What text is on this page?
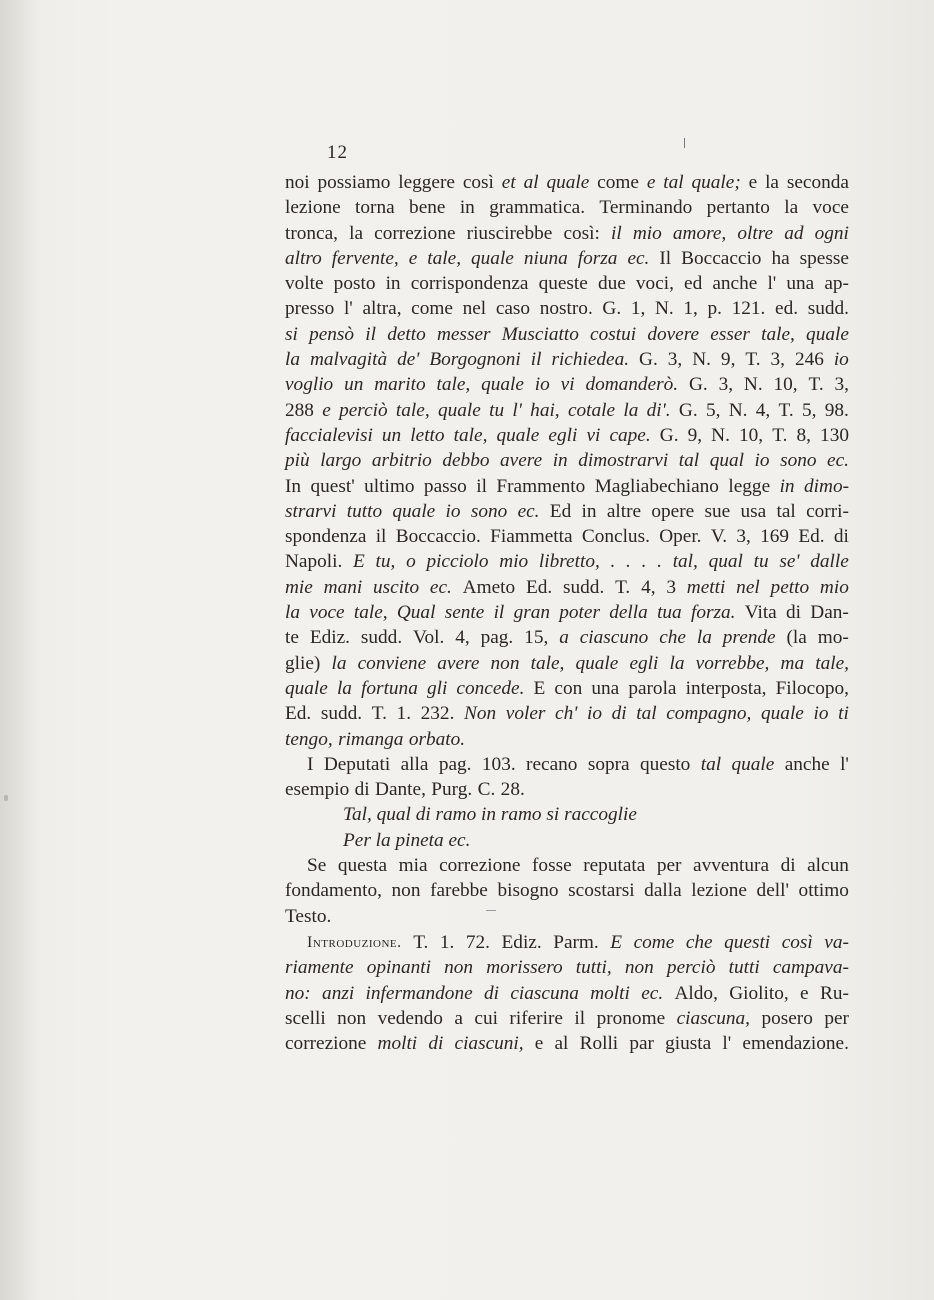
12
noi possiamo leggere così et al quale come e tal quale; e la seconda
lezione torna bene in grammatica. Terminando pertanto la voce
tronca, la correzione riuscirebbe così: il mio amore, oltre ad ogni
altro fervente, e tale, quale niuna forza ec. Il Boccaccio ha spesse
volte posto in corrispondenza queste due voci, ed anche l' una ap-
presso l' altra, come nel caso nostro. G. 1, N. 1, p. 121. ed. sudd.
si pensò il detto messer Musciatto costui dovere esser tale, quale
la malvagità de' Borgognoni il richiedea. G. 3, N. 9, T. 3, 246 io
voglio un marito tale, quale io vi domanderò. G. 3, N. 10, T. 3,
288 e perciò tale, quale tu l' hai, cotale la di'. G. 5, N. 4, T. 5, 98.
faccialevisi un letto tale, quale egli vi cape. G. 9, N. 10, T. 8, 130
più largo arbitrio debbo avere in dimostrarvi tal qual io sono ec.
In quest' ultimo passo il Frammento Magliabechiano legge in dimo-
strarvi tutto quale io sono ec. Ed in altre opere sue usa tal corri-
spondenza il Boccaccio. Fiammetta Conclus. Oper. V. 3, 169 Ed. di
Napoli. E tu, o picciolo mio libretto, . . . . tal, qual tu se' dalle
mie mani uscito ec. Ameto Ed. sudd. T. 4, 3 metti nel petto mio
la voce tale, Qual sente il gran poter della tua forza. Vita di Dan-
te Ediz. sudd. Vol. 4, pag. 15, a ciascuno che la prende (la mo-
glie) la conviene avere non tale, quale egli la vorrebbe, ma tale,
quale la fortuna gli concede. E con una parola interposta, Filocopo,
Ed. sudd. T. 1. 232. Non voler ch' io di tal compagno, quale io ti
tengo, rimanga orbato.
I Deputati alla pag. 103. recano sopra questo tal quale anche l'
esempio di Dante, Purg. C. 28.
Tal, qual di ramo in ramo si raccoglie
Per la pineta ec.
Se questa mia correzione fosse reputata per avventura di alcun
fondamento, non farebbe bisogno scostarsi dalla lezione dell' ottimo
Testo.
Introduzione. T. 1. 72. Ediz. Parm. E come che questi così va-
riamente opinanti non morissero tutti, non perciò tutti campava-
no: anzi infermandone di ciascuna molti ec. Aldo, Giolito, e Ru-
scelli non vedendo a cui riferire il pronome ciascuna, posero per
correzione molti di ciascuni, e al Rolli par giusta l' emendazione.
